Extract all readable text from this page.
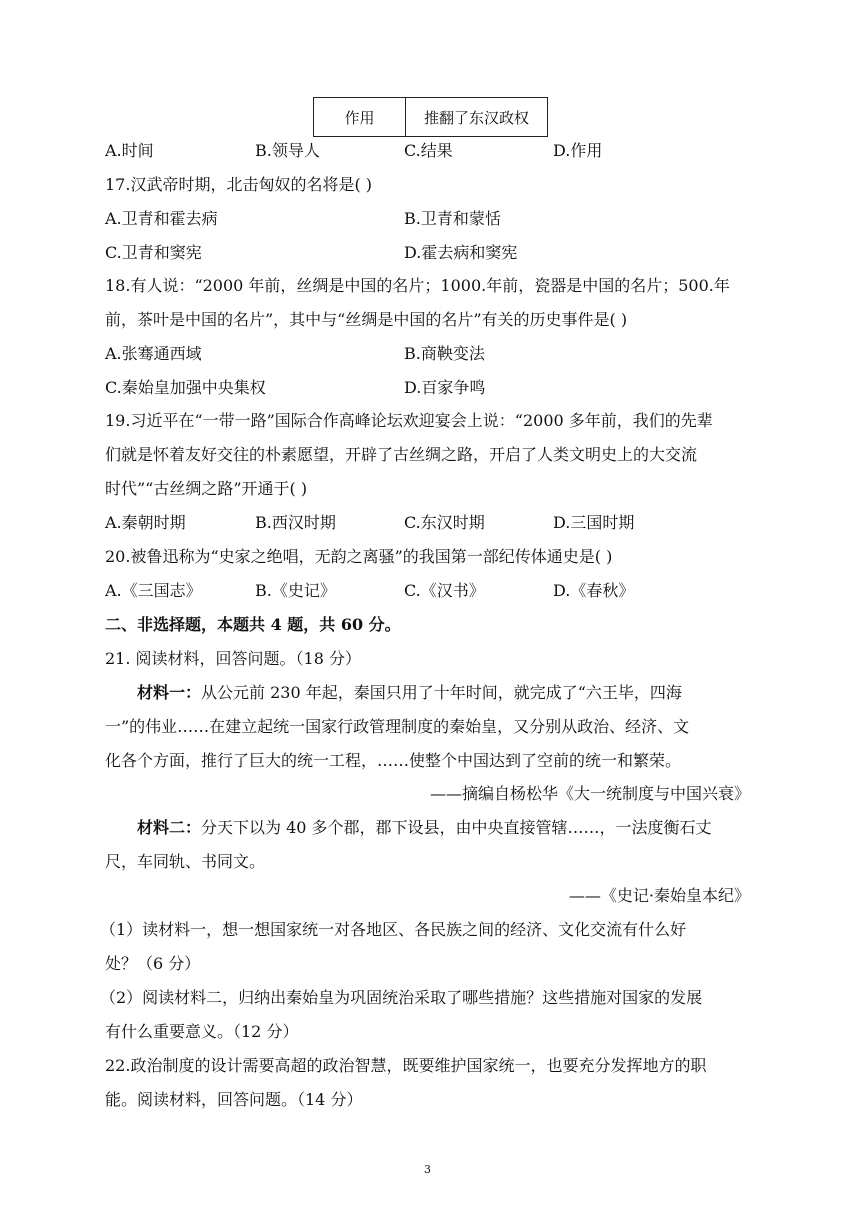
作用	推翻了东汉政权
A.时间	B.领导人	C.结果	D.作用
17.汉武帝时期，北击匈奴的名将是( )
A.卫青和霍去病	B.卫青和蒙恬
C.卫青和窦宪	D.霍去病和窦宪
18.有人说：“2000 年前，丝绸是中国的名片；1000.年前，瓷器是中国的名片；500.年
前，茶叶是中国的名片”，其中与“丝绸是中国的名片”有关的历史事件是( )
A.张骞通西域	B.商鞅变法
C.秦始皇加强中央集权	D.百家争鸣
19.习近平在“一带一路”国际合作高峰论坛欢迎宴会上说：“2000 多年前，我们的先辈
们就是怀着友好交往的朴素愿望，开辟了古丝绸之路，开启了人类文明史上的大交流
时代”“古丝绸之路”开通于( )
A.秦朝时期	B.西汉时期	C.东汉时期	D.三国时期
20.被鲁迅称为“史家之绝唱，无韵之离骚”的我国第一部纪传体通史是( )
A.《三国志》	B.《史记》	C.《汉书》	D.《春秋》
二、非选择题，本题共 4 题，共 60 分。
21. 阅读材料，回答问题。（18 分）
材料一：从公元前 230 年起，秦国只用了十年时间，就完成了“六王毕，四海
一”的伟业……在建立起统一国家行政管理制度的秦始皇，又分别从政治、经济、文
化各个方面，推行了巨大的统一工程，……使整个中国达到了空前的统一和繁荣。
——摘编自杨松华《大一统制度与中国兴衰》
材料二：分天下以为 40 多个郡，郡下设县，由中央直接管辖……，一法度衡石丈
尺，车同轨、书同文。
——《史记·秦始皇本纪》
（1）读材料一，想一想国家统一对各地区、各民族之间的经济、文化交流有什么好
处？（6 分）
（2）阅读材料二，归纳出秦始皇为巩固统治采取了哪些措施？这些措施对国家的发展
有什么重要意义。（12 分）
22.政治制度的设计需要高超的政治智慧，既要维护国家统一，也要充分发挥地方的职
能。阅读材料，回答问题。（14 分）
3
